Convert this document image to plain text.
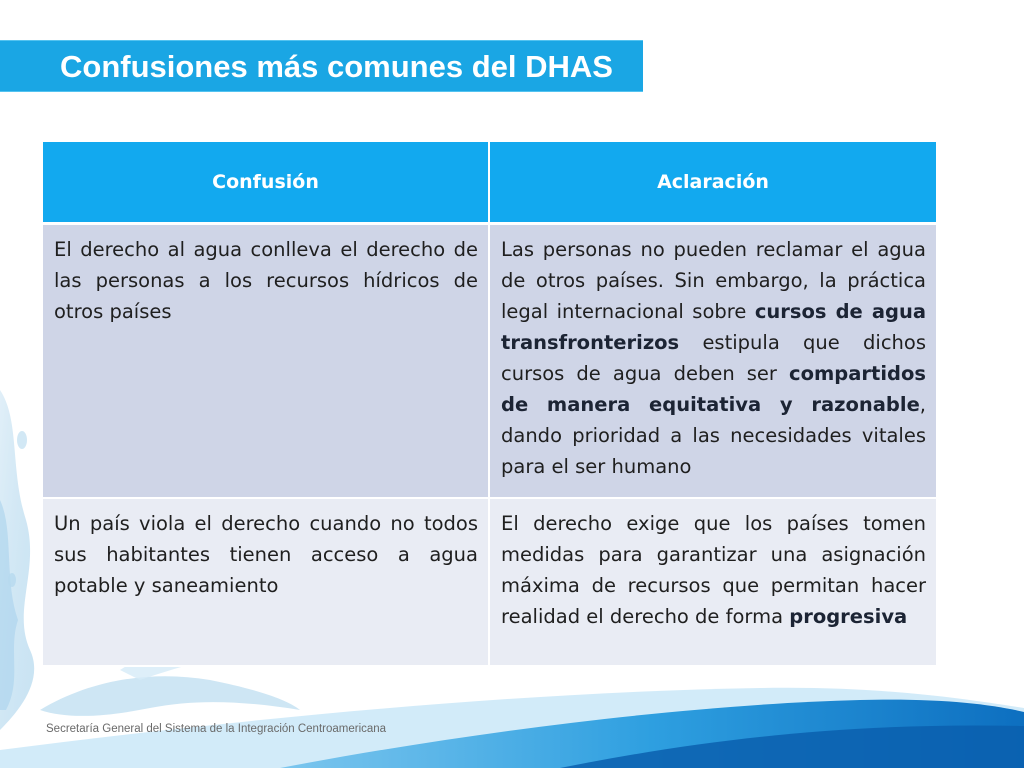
Confusiones más comunes del DHAS
Confusión	Aclaración
El derecho al agua conlleva el derecho de las personas a los recursos hídricos de otros países	Las personas no pueden reclamar el agua de otros países. Sin embargo, la práctica legal internacional sobre cursos de agua transfronterizos estipula que dichos cursos de agua deben ser compartidos de manera equitativa y razonable, dando prioridad a las necesidades vitales para el ser humano
Un país viola el derecho cuando no todos sus habitantes tienen acceso a agua potable y saneamiento	El derecho exige que los países tomen medidas para garantizar una asignación máxima de recursos que permitan hacer realidad el derecho de forma progresiva
Secretaría General del Sistema de la Integración Centroamericana
